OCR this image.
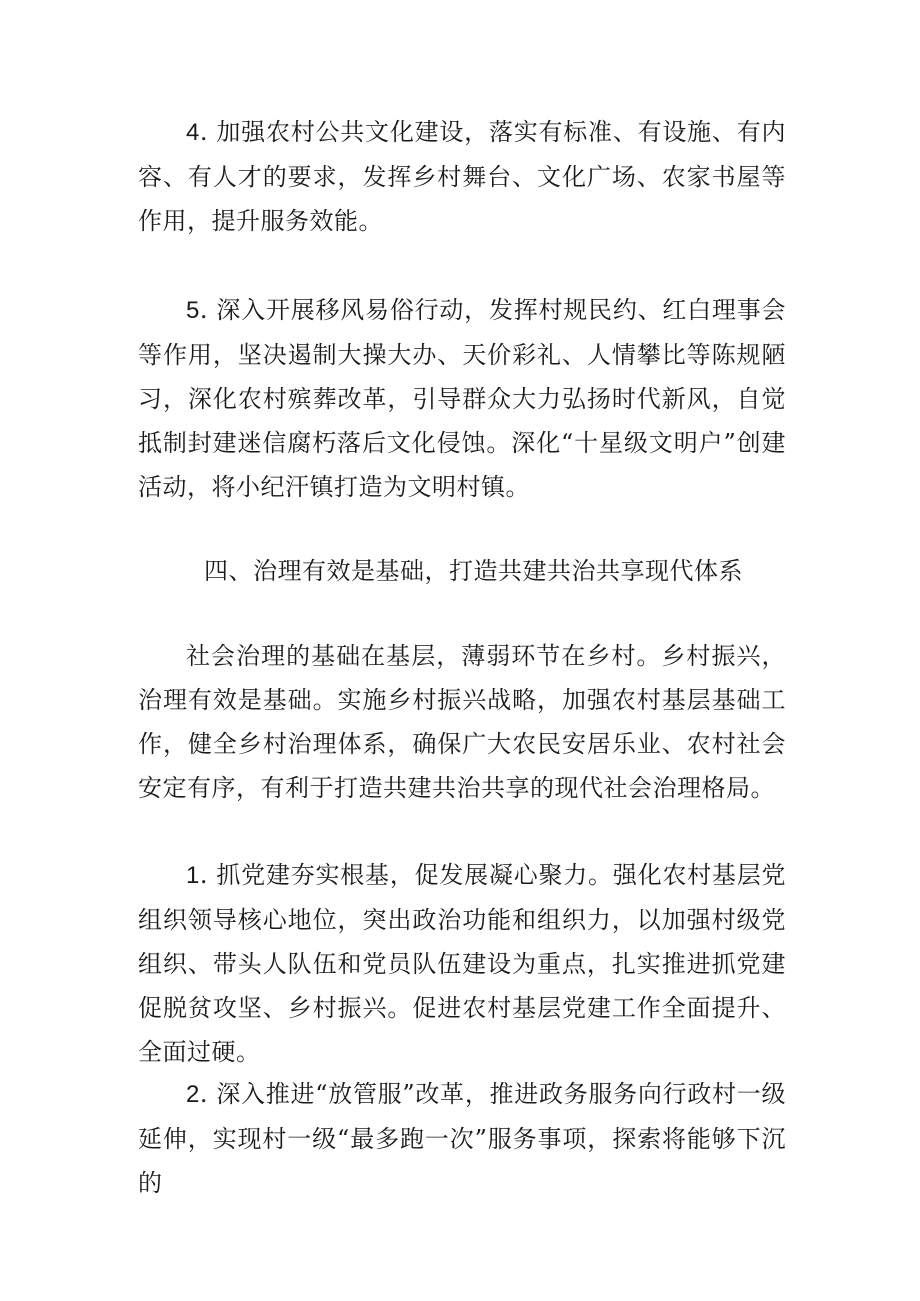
4. 加强农村公共文化建设，落实有标准、有设施、有内容、有人才的要求，发挥乡村舞台、文化广场、农家书屋等作用，提升服务效能。

5. 深入开展移风易俗行动，发挥村规民约、红白理事会等作用，坚决遏制大操大办、天价彩礼、人情攀比等陈规陋习，深化农村殡葬改革，引导群众大力弘扬时代新风，自觉抵制封建迷信腐朽落后文化侵蚀。深化“十星级文明户”创建活动，将小纪汗镇打造为文明村镇。

四、治理有效是基础，打造共建共治共享现代体系

社会治理的基础在基层，薄弱环节在乡村。乡村振兴，治理有效是基础。实施乡村振兴战略，加强农村基层基础工作，健全乡村治理体系，确保广大农民安居乐业、农村社会安定有序，有利于打造共建共治共享的现代社会治理格局。

1. 抓党建夯实根基，促发展凝心聚力。强化农村基层党组织领导核心地位，突出政治功能和组织力，以加强村级党组织、带头人队伍和党员队伍建设为重点，扎实推进抓党建促脱贫攻坚、乡村振兴。促进农村基层党建工作全面提升、全面过硬。

2. 深入推进“放管服”改革，推进政务服务向行政村一级延伸，实现村一级“最多跑一次”服务事项，探索将能够下沉的
